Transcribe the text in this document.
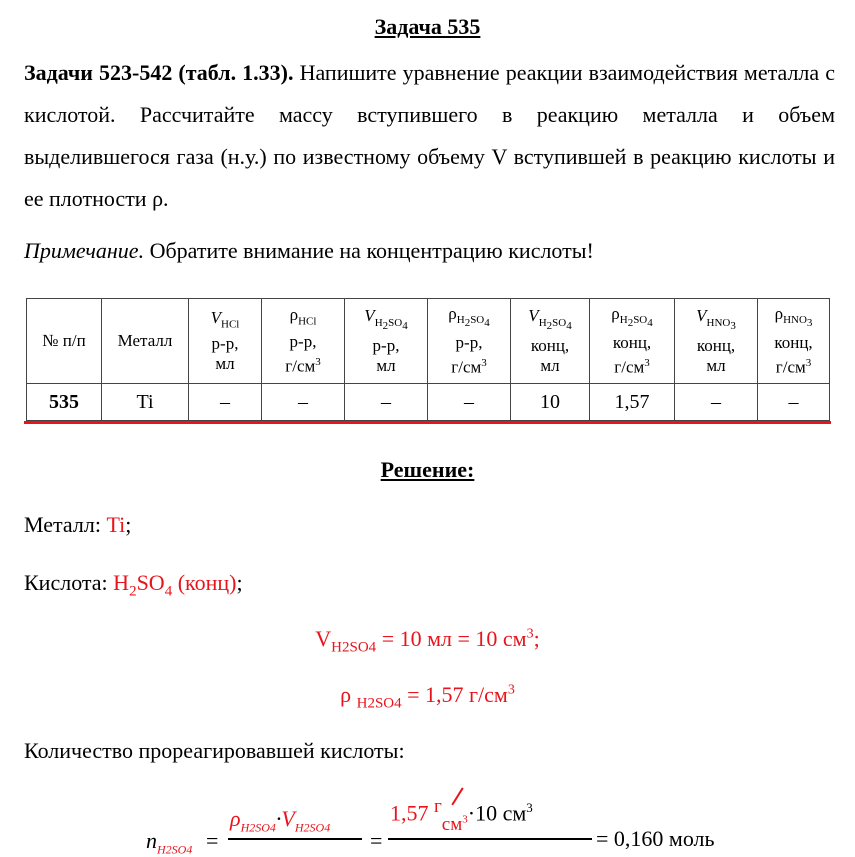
Задача 535
Задачи 523-542 (табл. 1.33). Напишите уравнение реакции взаимодействия металла с кислотой. Рассчитайте массу вступившего в реакцию металла и объем выделившегося газа (н.у.) по известному объему V вступившей в реакцию кислоты и ее плотности ρ.
Примечание. Обратите внимание на концентрацию кислоты!
№ п/п	Металл	$V_{HCl}$
р-р,
мл	$\rho_{HCl}$
р-р,
$г/см^3$	$V_{H_2SO_4}$
р-р,
мл	$\rho_{H_2SO_4}$
р-р,
$г/см^3$	$V_{H_2SO_4}$
конц,
мл	$\rho_{H_2SO_4}$
конц,
$г/см^3$	$V_{HNO_3}$
конц,
мл	$\rho_{HNO_3}$
конц,
$г/см^3$
535	Ti	–	–	–	–	10	1,57	–	–
Решение:
Металл: Ti;
Кислота: $H_2SO_4$ (конц);
$V_{H2SO4} = 10$ мл = 10 $см^3$;
ρ $_{H2SO4}$ = 1,57 $г/см^3$
Количество прореагировавшей кислоты:
$n_{H2SO4}$ =
$\rho_{H2SO4}\cdot V_{H2SO4}$
=
1,57 гсм$^3$·10 $см^3$
= 0,160 моль
